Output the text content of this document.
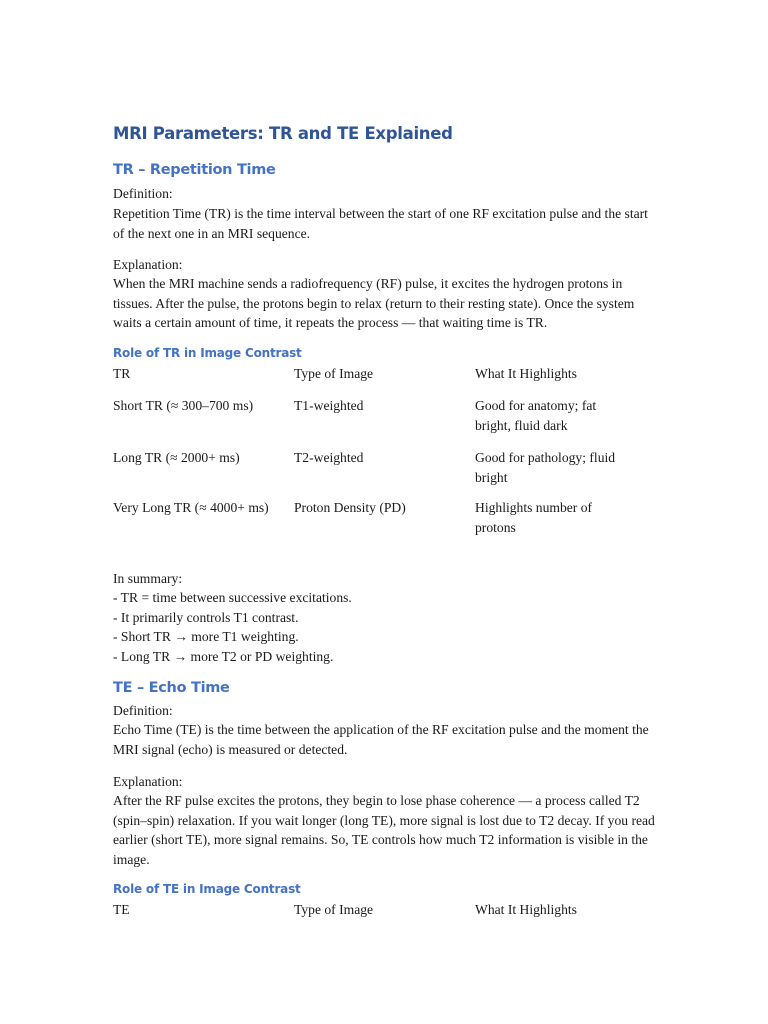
MRI Parameters: TR and TE Explained
TR – Repetition Time

Definition:

Repetition Time (TR) is the time interval between the start of one RF excitation pulse and the start of the next one in an MRI sequence.

Explanation:

When the MRI machine sends a radiofrequency (RF) pulse, it excites the hydrogen protons in tissues. After the pulse, the protons begin to relax (return to their resting state). Once the system waits a certain amount of time, it repeats the process — that waiting time is TR.

Role of TR in Image Contrast

TR	Type of Image	What It Highlights

Short TR (≈ 300–700 ms)	T1-weighted	Good for anatomy; fat bright, fluid dark

Long TR (≈ 2000+ ms)	T2-weighted	Good for pathology; fluid bright

Very Long TR (≈ 4000+ ms)	Proton Density (PD)	Highlights number of protons

In summary:

- TR = time between successive excitations.
- It primarily controls T1 contrast.
- Short TR → more T1 weighting.
- Long TR → more T2 or PD weighting.
TE – Echo Time

Definition:

Echo Time (TE) is the time between the application of the RF excitation pulse and the moment the MRI signal (echo) is measured or detected.

Explanation:

After the RF pulse excites the protons, they begin to lose phase coherence — a process called T2 (spin–spin) relaxation. If you wait longer (long TE), more signal is lost due to T2 decay. If you read earlier (short TE), more signal remains. So, TE controls how much T2 information is visible in the image.

Role of TE in Image Contrast

TE	Type of Image	What It Highlights
